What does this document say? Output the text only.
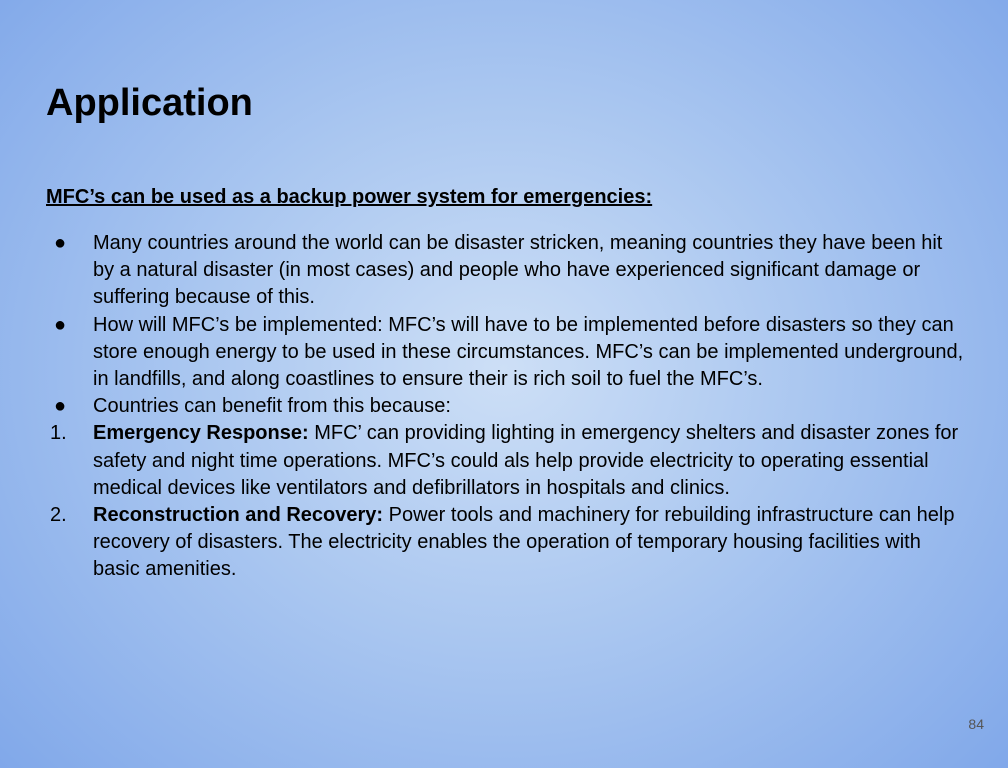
Application

MFC’s can be used as a backup power system for emergencies:

●	Many countries around the world can be disaster stricken, meaning countries they have been hit by a natural disaster (in most cases) and people who have experienced significant damage or suffering because of this.
●	How will MFC’s be implemented: MFC’s will have to be implemented before disasters so they can store enough energy to be used in these circumstances. MFC’s can be implemented underground, in landfills, and along coastlines to ensure their is rich soil to fuel the MFC’s.
●	Countries can benefit from this because:
1.	Emergency Response: MFC’ can providing lighting in emergency shelters and disaster zones for safety and night time operations. MFC’s could als help provide electricity to operating essential medical devices like ventilators and defibrillators in hospitals and clinics.
2.	Reconstruction and Recovery: Power tools and machinery for rebuilding infrastructure can help recovery of disasters. The electricity enables the operation of temporary housing facilities with basic amenities.
84
